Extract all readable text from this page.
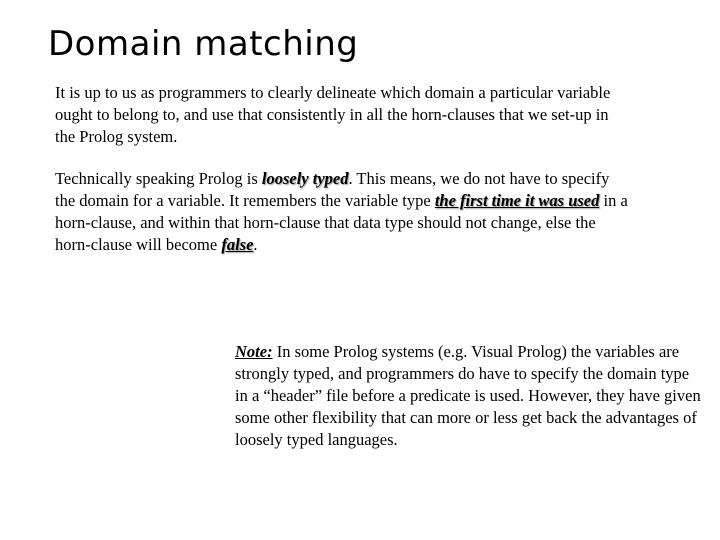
Domain matching

It is up to us as programmers to clearly delineate which domain a particular variable ought to belong to, and use that consistently in all the horn-clauses that we set-up in the Prolog system.

Technically speaking Prolog is loosely typed. This means, we do not have to specify the domain for a variable. It remembers the variable type the first time it was used in a horn-clause, and within that horn-clause that data type should not change, else the horn-clause will become false.

Note: In some Prolog systems (e.g. Visual Prolog) the variables are strongly typed, and programmers do have to specify the domain type in a “header” file before a predicate is used. However, they have given some other flexibility that can more or less get back the advantages of loosely typed languages.
